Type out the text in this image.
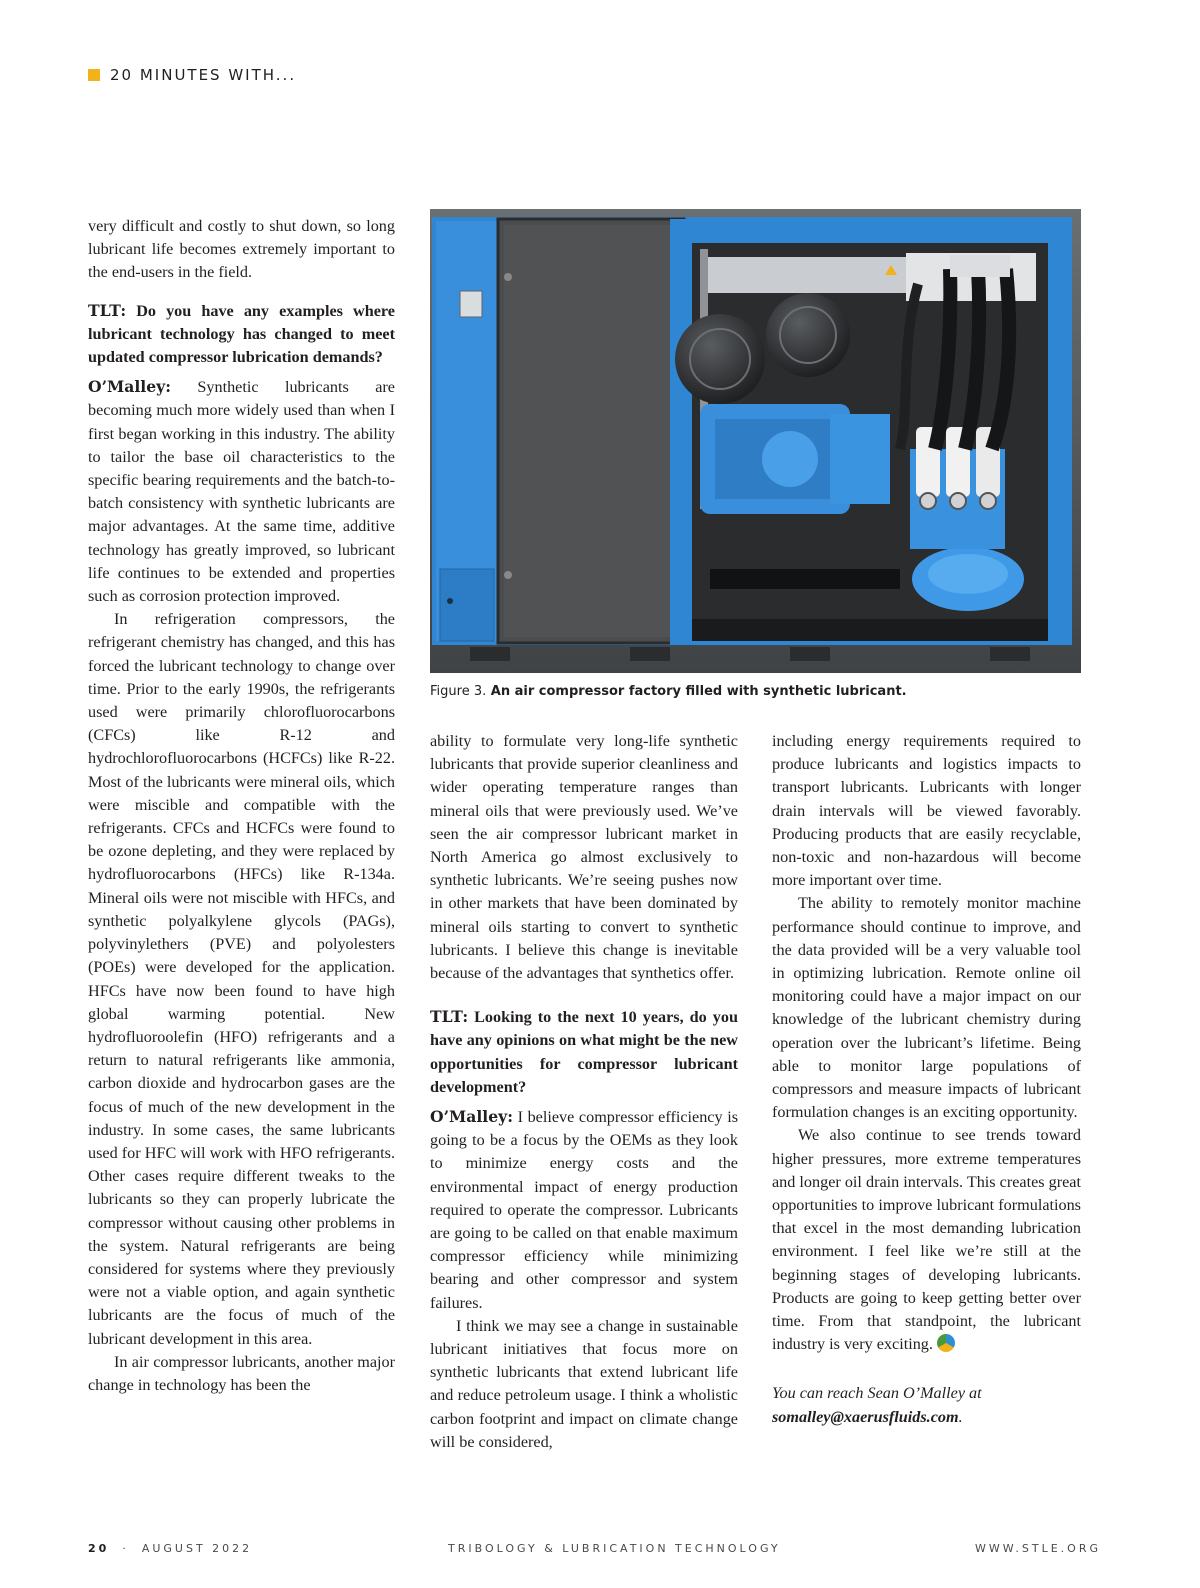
20 MINUTES WITH...

very difficult and costly to shut down, so long lubricant life becomes extremely important to the end-users in the field.

TLT: Do you have any examples where lubricant technology has changed to meet updated compressor lubrication demands?

O’Malley: Synthetic lubricants are becoming much more widely used than when I first began working in this industry. The ability to tailor the base oil characteristics to the specific bearing requirements and the batch-to-batch consistency with synthetic lubricants are major advantages. At the same time, additive technology has greatly improved, so lubricant life continues to be extended and properties such as corrosion protection improved.

In refrigeration compressors, the refrigerant chemistry has changed, and this has forced the lubricant technology to change over time. Prior to the early 1990s, the refrigerants used were primarily chlorofluorocarbons (CFCs) like R-12 and hydrochlorofluorocarbons (HCFCs) like R-22. Most of the lubricants were mineral oils, which were miscible and compatible with the refrigerants. CFCs and HCFCs were found to be ozone depleting, and they were replaced by hydrofluorocarbons (HFCs) like R-134a. Mineral oils were not miscible with HFCs, and synthetic polyalkylene glycols (PAGs), polyvinylethers (PVE) and polyolesters (POEs) were developed for the application. HFCs have now been found to have high global warming potential. New hydrofluoroolefin (HFO) refrigerants and a return to natural refrigerants like ammonia, carbon dioxide and hydrocarbon gases are the focus of much of the new development in the industry. In some cases, the same lubricants used for HFC will work with HFO refrigerants. Other cases require different tweaks to the lubricants so they can properly lubricate the compressor without causing other problems in the system. Natural refrigerants are being considered for systems where they previously were not a viable option, and again synthetic lubricants are the focus of much of the lubricant development in this area.

In air compressor lubricants, another major change in technology has been the

Figure 3. An air compressor factory filled with synthetic lubricant.

ability to formulate very long-life synthetic lubricants that provide superior cleanliness and wider operating temperature ranges than mineral oils that were previously used. We’ve seen the air compressor lubricant market in North America go almost exclusively to synthetic lubricants. We’re seeing pushes now in other markets that have been dominated by mineral oils starting to convert to synthetic lubricants. I believe this change is inevitable because of the advantages that synthetics offer.

TLT: Looking to the next 10 years, do you have any opinions on what might be the new opportunities for compressor lubricant development?

O’Malley: I believe compressor efficiency is going to be a focus by the OEMs as they look to minimize energy costs and the environmental impact of energy production required to operate the compressor. Lubricants are going to be called on that enable maximum compressor efficiency while minimizing bearing and other compressor and system failures.

I think we may see a change in sustainable lubricant initiatives that focus more on synthetic lubricants that extend lubricant life and reduce petroleum usage. I think a wholistic carbon footprint and impact on climate change will be considered,

including energy requirements required to produce lubricants and logistics impacts to transport lubricants. Lubricants with longer drain intervals will be viewed favorably. Producing products that are easily recyclable, non-toxic and non-hazardous will become more important over time.

The ability to remotely monitor machine performance should continue to improve, and the data provided will be a very valuable tool in optimizing lubrication. Remote online oil monitoring could have a major impact on our knowledge of the lubricant chemistry during operation over the lubricant’s lifetime. Being able to monitor large populations of compressors and measure impacts of lubricant formulation changes is an exciting opportunity.

We also continue to see trends toward higher pressures, more extreme temperatures and longer oil drain intervals. This creates great opportunities to improve lubricant formulations that excel in the most demanding lubrication environment. I feel like we’re still at the beginning stages of developing lubricants. Products are going to keep getting better over time. From that standpoint, the lubricant industry is very exciting.

You can reach Sean O’Malley at somalley@xaerusfluids.com.

20 · AUGUST 2022	TRIBOLOGY & LUBRICATION TECHNOLOGY	WWW.STLE.ORG
